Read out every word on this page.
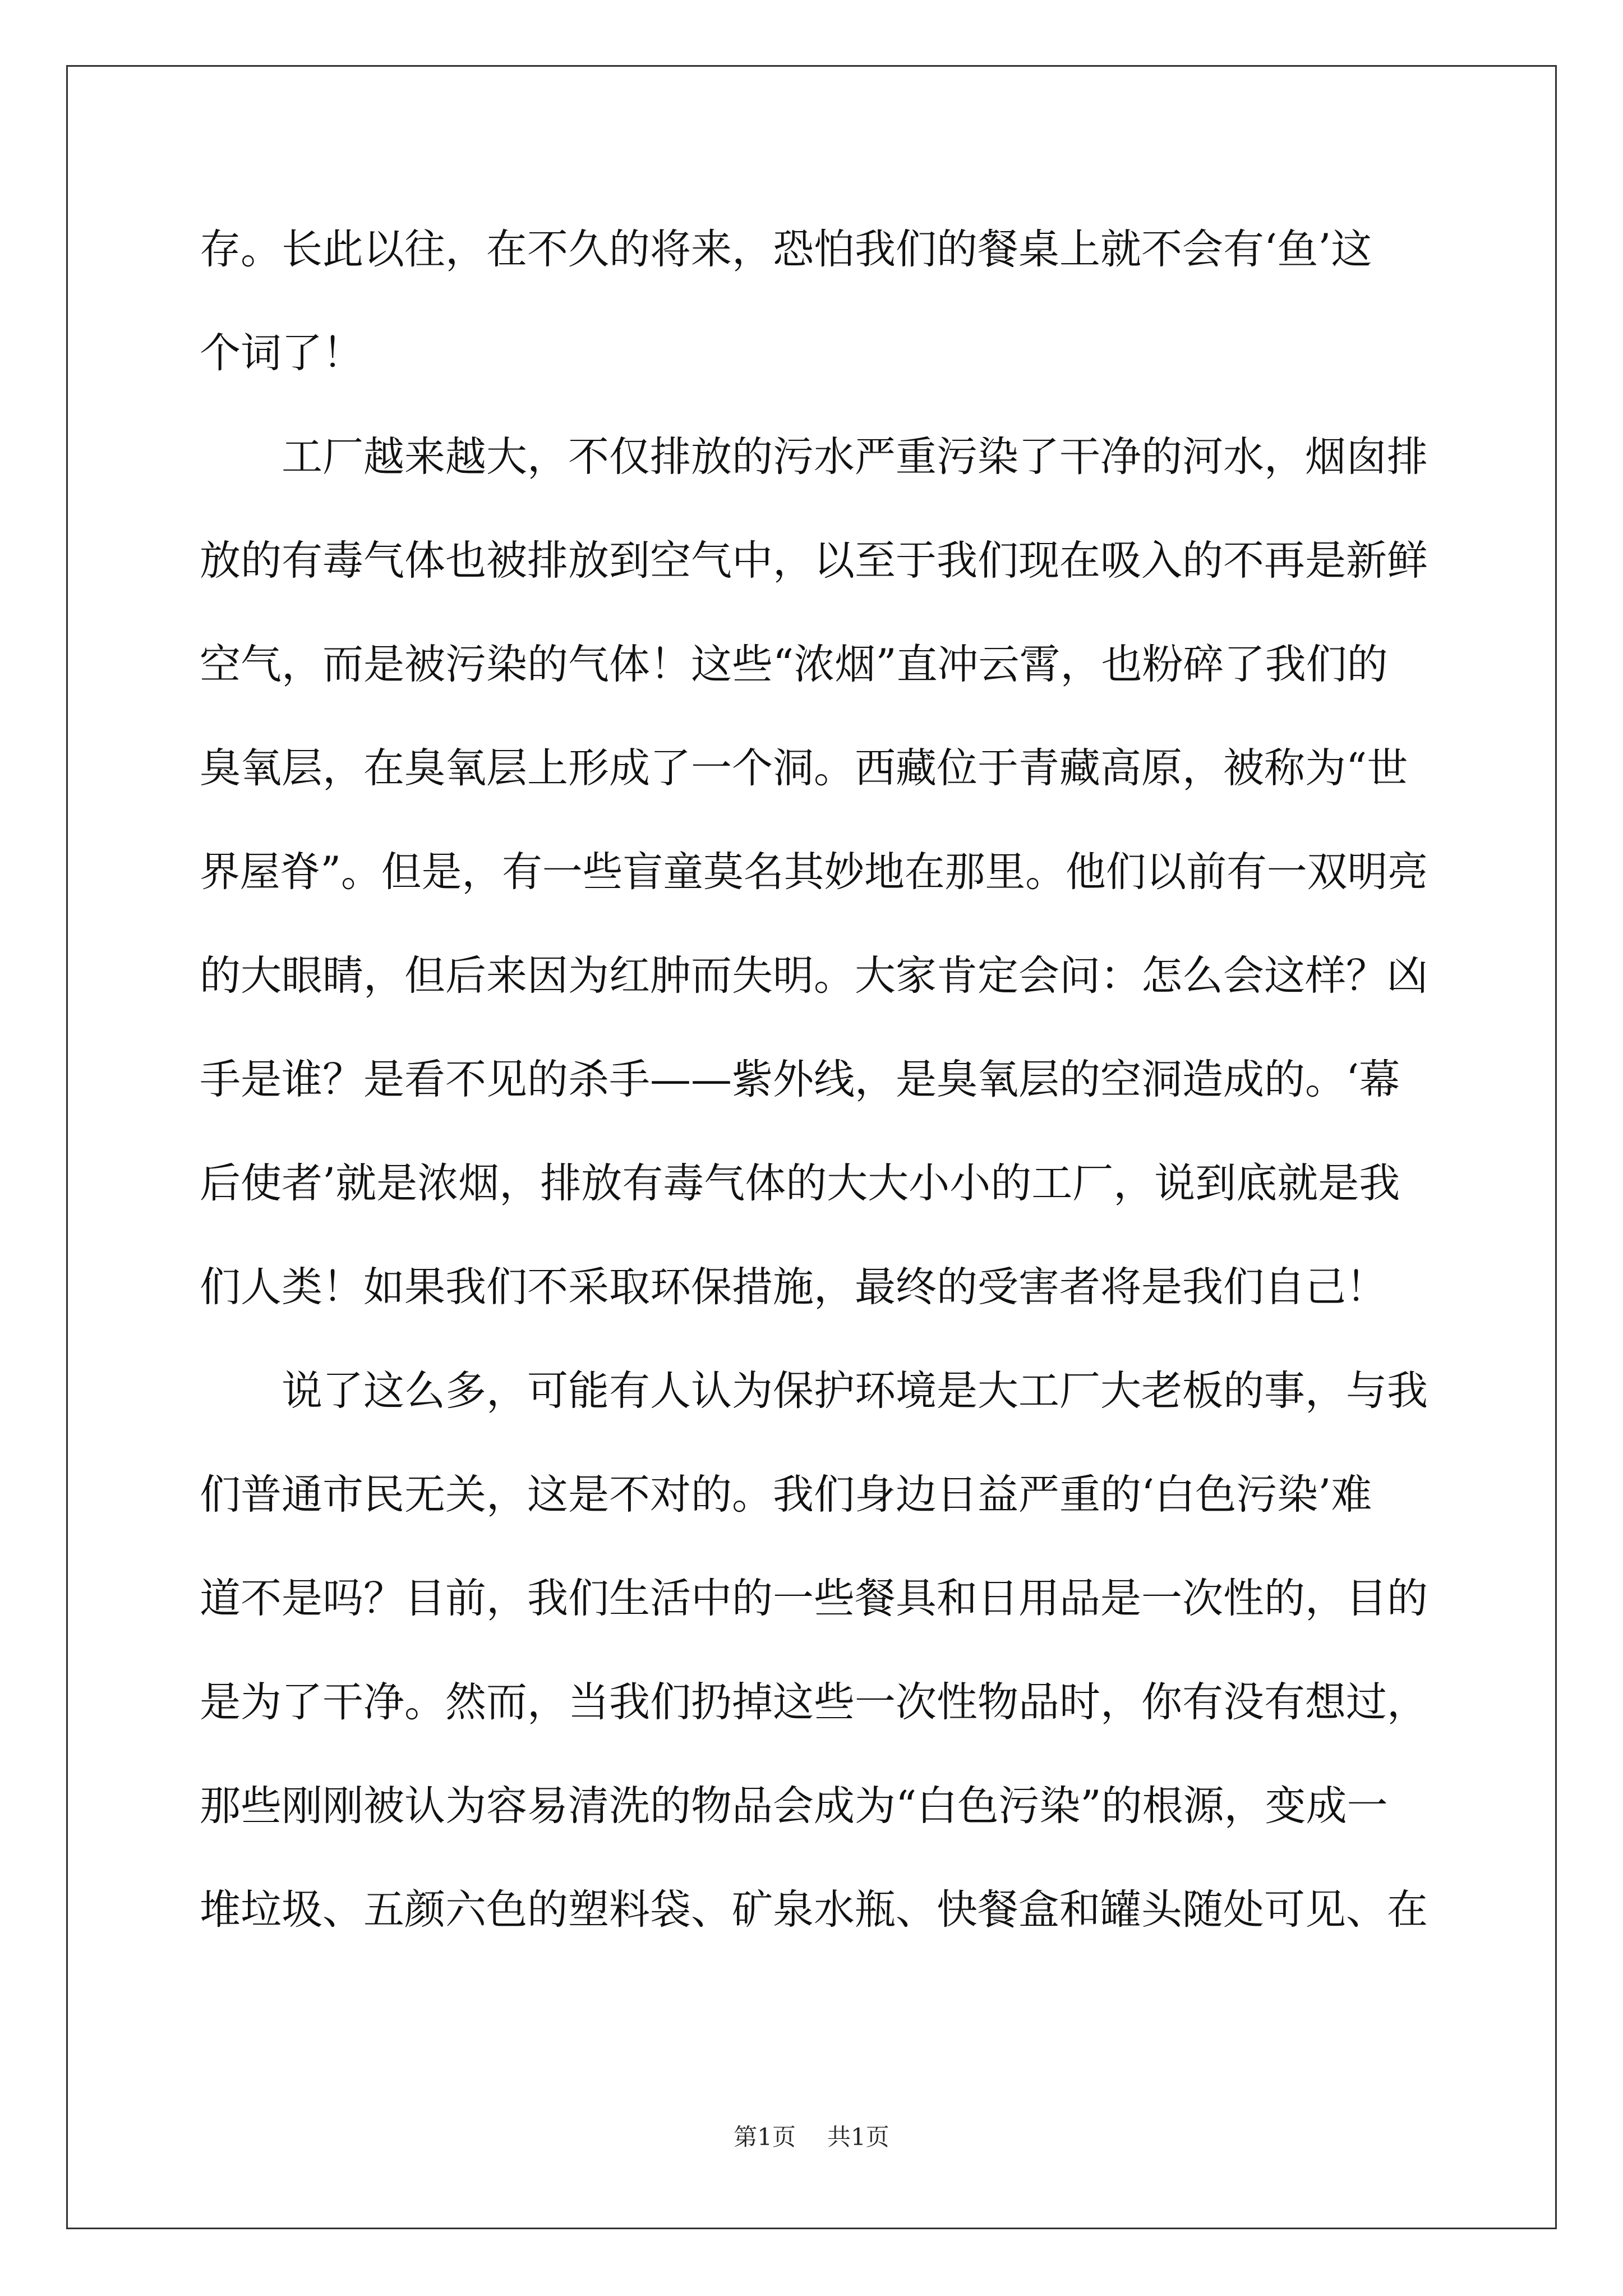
存。长此以往，在不久的将来，恐怕我们的餐桌上就不会有‘鱼’这
个词了！
　　工厂越来越大，不仅排放的污水严重污染了干净的河水，烟囱排
放的有毒气体也被排放到空气中，以至于我们现在吸入的不再是新鲜
空气，而是被污染的气体！这些“浓烟”直冲云霄，也粉碎了我们的
臭氧层，在臭氧层上形成了一个洞。西藏位于青藏高原，被称为“世
界屋脊”。但是，有一些盲童莫名其妙地在那里。他们以前有一双明亮
的大眼睛，但后来因为红肿而失明。大家肯定会问：怎么会这样？凶
手是谁？是看不见的杀手——紫外线，是臭氧层的空洞造成的。‘幕
后使者’就是浓烟，排放有毒气体的大大小小的工厂，说到底就是我
们人类！如果我们不采取环保措施，最终的受害者将是我们自己！
　　说了这么多，可能有人认为保护环境是大工厂大老板的事，与我
们普通市民无关，这是不对的。我们身边日益严重的‘白色污染’难
道不是吗？目前，我们生活中的一些餐具和日用品是一次性的，目的
是为了干净。然而，当我们扔掉这些一次性物品时，你有没有想过，
那些刚刚被认为容易清洗的物品会成为“白色污染”的根源，变成一
堆垃圾、五颜六色的塑料袋、矿泉水瓶、快餐盒和罐头随处可见、在
第1页 共1页
